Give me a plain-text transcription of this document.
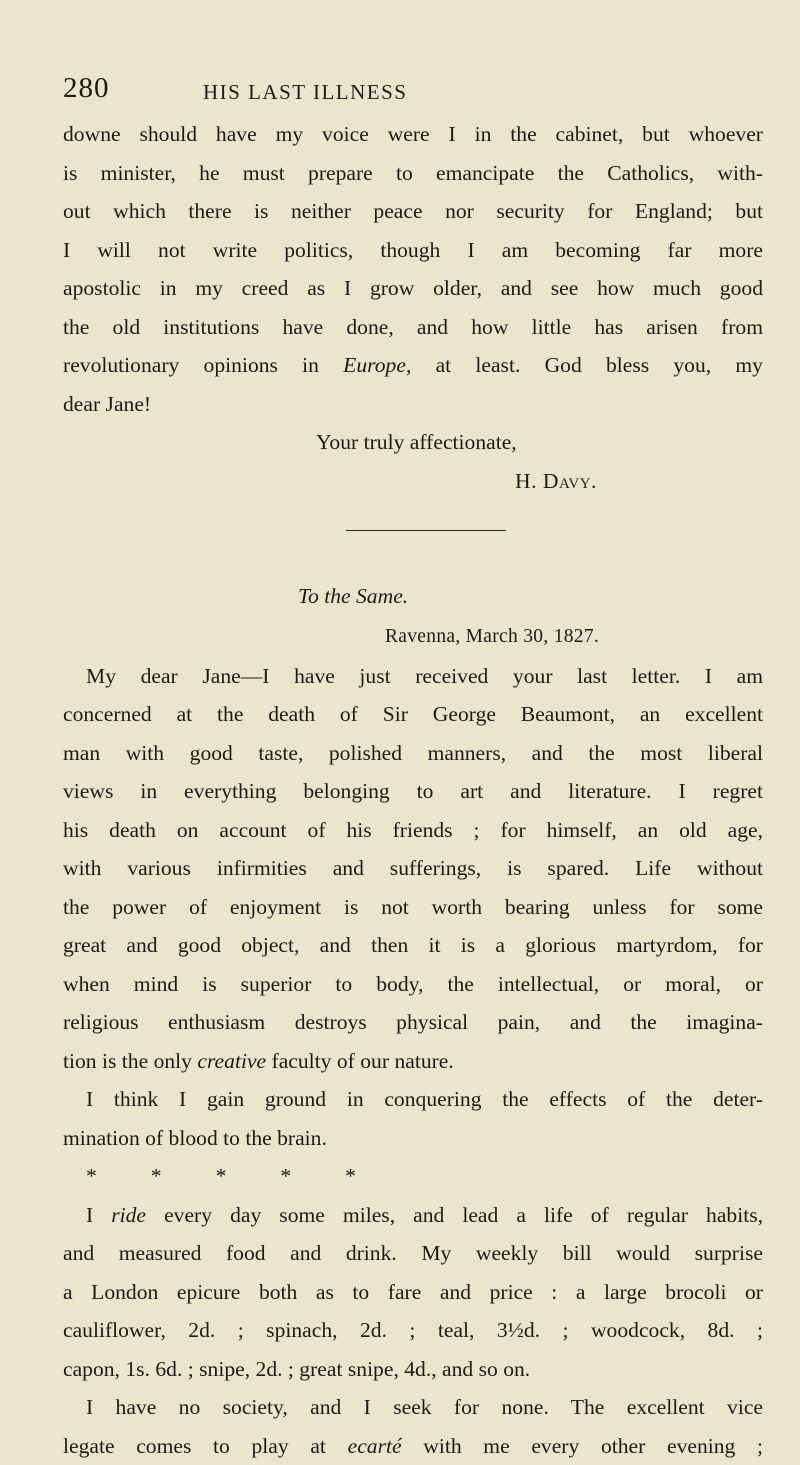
280	HIS LAST ILLNESS
downe should have my voice were I in the cabinet, but whoever
is minister, he must prepare to emancipate the Catholics, with-
out which there is neither peace nor security for England; but
I will not write politics, though I am becoming far more
apostolic in my creed as I grow older, and see how much good
the old institutions have done, and how little has arisen from
revolutionary opinions in Europe, at least. God bless you, my
dear Jane!
Your truly affectionate,
H. Davy.
To the Same.
Ravenna, March 30, 1827.
My dear Jane—I have just received your last letter. I am
concerned at the death of Sir George Beaumont, an excellent
man with good taste, polished manners, and the most liberal
views in everything belonging to art and literature. I regret
his death on account of his friends ; for himself, an old age,
with various infirmities and sufferings, is spared. Life without
the power of enjoyment is not worth bearing unless for some
great and good object, and then it is a glorious martyrdom, for
when mind is superior to body, the intellectual, or moral, or
religious enthusiasm destroys physical pain, and the imagina-
tion is the only creative faculty of our nature.
I think I gain ground in conquering the effects of the deter-
mination of blood to the brain.
*          *          *          *          *
I ride every day some miles, and lead a life of regular habits,
and measured food and drink. My weekly bill would surprise
a London epicure both as to fare and price : a large brocoli or
cauliflower, 2d. ; spinach, 2d. ; teal, 3½d. ; woodcock, 8d. ;
capon, 1s. 6d. ; snipe, 2d. ; great snipe, 4d., and so on.
I have no society, and I seek for none. The excellent vice
legate comes to play at ecarté with me every other evening ;
